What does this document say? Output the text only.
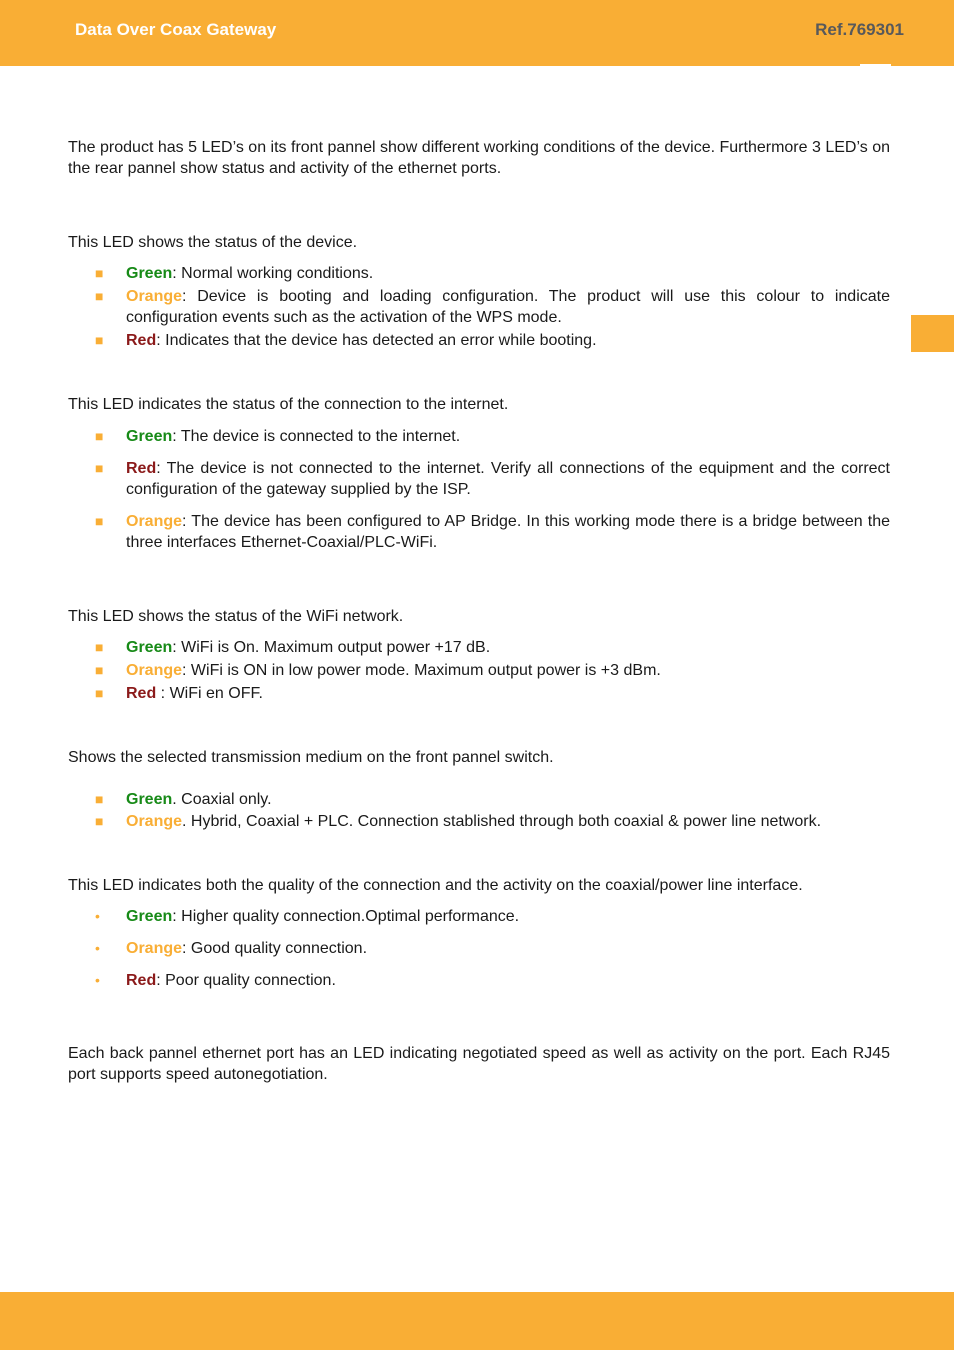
Data Over Coax Gateway	Ref.769301

The product has 5 LED’s on its front pannel show different working conditions of the device. Furthermore 3 LED’s on the rear pannel show status and activity of the ethernet ports.

This LED shows the status of the device.

■ Green: Normal working conditions.
■ Orange: Device is booting and loading configuration. The product will use this colour to indicate configuration events such as the activation of the WPS mode.
■ Red: Indicates that the device has detected an error while booting.

This LED indicates the status of the connection to the internet.

■ Green: The device is connected to the internet.
■ Red: The device is not connected to the internet. Verify all connections of the equipment and the correct configuration of the gateway supplied by the ISP.
■ Orange: The device has been configured to AP Bridge. In this working mode there is a bridge between the three interfaces Ethernet-Coaxial/PLC-WiFi.

This LED shows the status of the WiFi network.

■ Green: WiFi is On. Maximum output power +17 dB.
■ Orange: WiFi is ON in low power mode. Maximum output power is +3 dBm.
■ Red : WiFi en OFF.

Shows the selected transmission medium on the front pannel switch.

■ Green. Coaxial only.
■ Orange. Hybrid, Coaxial + PLC. Connection stablished through both coaxial & power line network.

This LED indicates both the quality of the connection and the activity on the coaxial/power line interface.

• Green: Higher quality connection.Optimal performance.
• Orange: Good quality connection.
• Red: Poor quality connection.

Each back pannel ethernet port has an LED indicating negotiated speed as well as activity on the port. Each RJ45 port supports speed autonegotiation.
